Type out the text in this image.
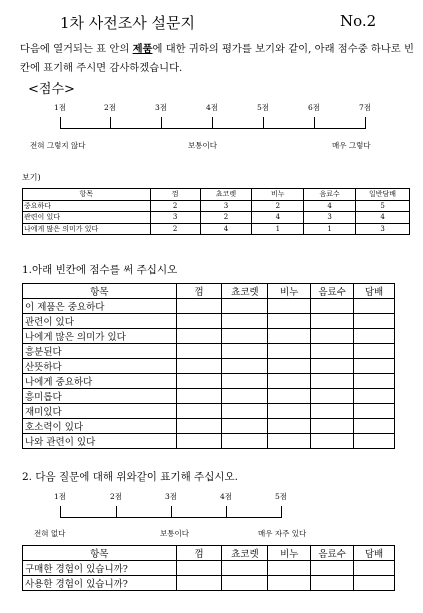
1차 사전조사 설문지	No.2
다음에 열거되는 표 안의 제품에 대한 귀하의 평가를 보기와 같이, 아래 점수중 하나로 빈칸에 표기해 주시면 감사하겠습니다.
<점수>
1점	2점	3점	4점	5점	6점	7점
전혀 그렇지 않다	보통이다	매우 그렇다
보기)
항목	껌	쵸코렛	비누	음료수	일반담배
중요하다	2	3	2	4	5
관련이 있다	3	2	4	3	4
나에게 많은 의미가 있다	2	4	1	1	3
1.아래 빈칸에 점수를 써 주십시오
항목	껌	쵸코렛	비누	음료수	담배
이 제품은 중요하다					
관련이 있다					
나에게 많은 의미가 있다					
흥분된다					
산뜻하다					
나에게 중요하다					
흥미롭다					
재미있다					
호소력이 있다					
나와 관련이 있다					
2. 다음 질문에 대해 위와같이 표기해 주십시오.
1점	2점	3점	4점	5점
전혀 없다	보통이다	매우 자주 있다
항목	껌	쵸코렛	비누	음료수	담배
구매한 경험이 있습니까?					
사용한 경험이 있습니까?					
